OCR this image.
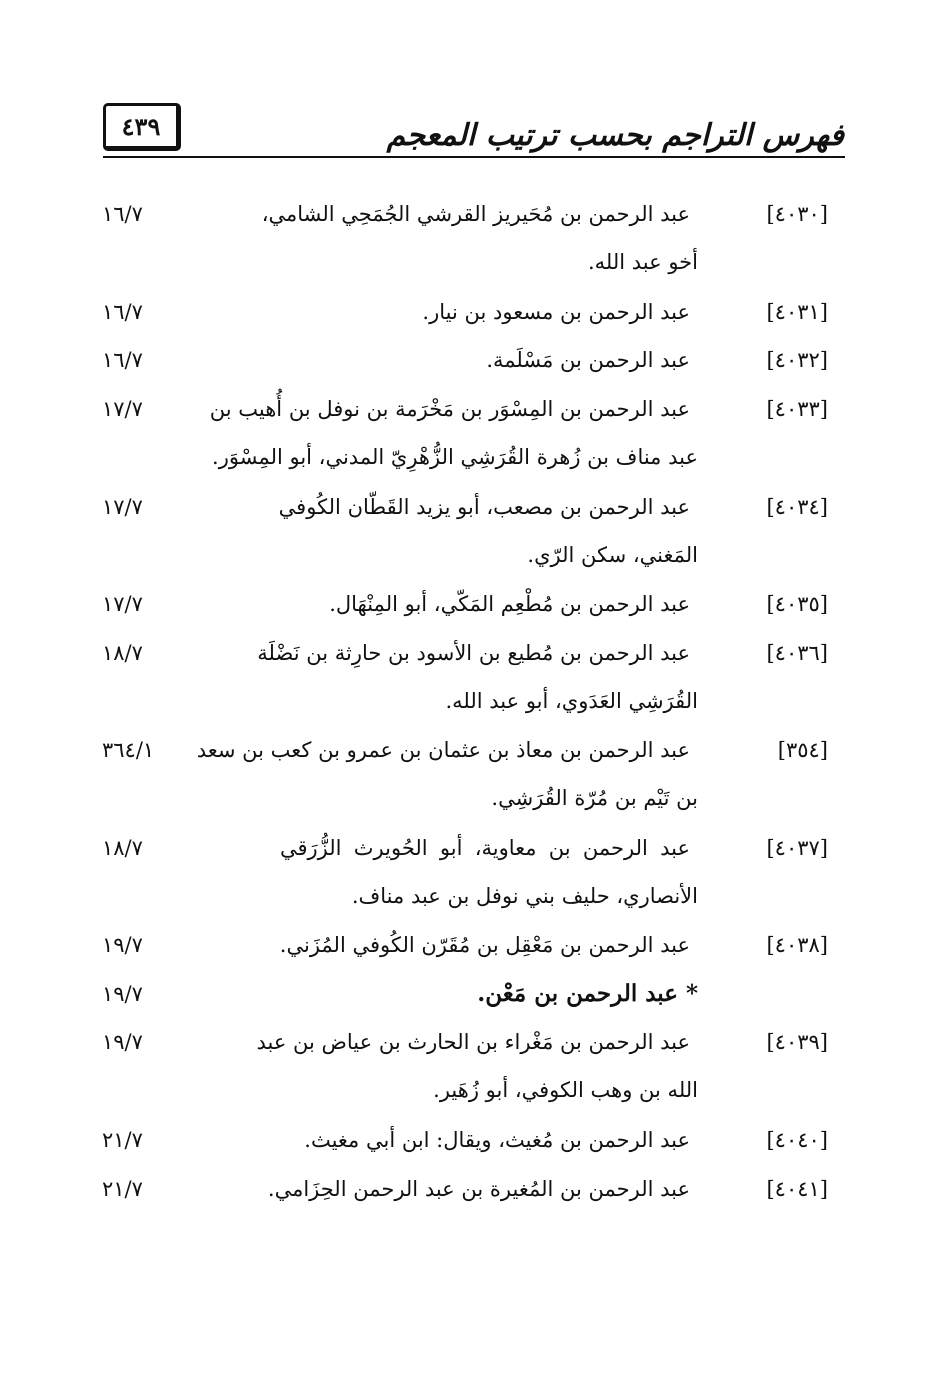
فهرس التراجم بحسب ترتيب المعجم
٤٣٩
[٤٠٣٠]
عبد الرحمن بن مُحَيريز القرشي الجُمَحِي الشامي،
أخو عبد الله.
١٦/٧
[٤٠٣١]
عبد الرحمن بن مسعود بن نيار.
١٦/٧
[٤٠٣٢]
عبد الرحمن بن مَسْلَمة.
١٦/٧
[٤٠٣٣]
عبد الرحمن بن المِسْوَر بن مَخْرَمة بن نوفل بن أُهيب بن
عبد مناف بن زُهرة القُرَشِي الزُّهْرِيّ المدني، أبو المِسْوَر.
١٧/٧
[٤٠٣٤]
عبد الرحمن بن مصعب، أبو يزيد القَطّان الكُوفي
المَغني، سكن الرّي.
١٧/٧
[٤٠٣٥]
عبد الرحمن بن مُطْعِم المَكّي، أبو المِنْهَال.
١٧/٧
[٤٠٣٦]
عبد الرحمن بن مُطيع بن الأسود بن حارِثة بن نَضْلَة
القُرَشِي العَدَوي، أبو عبد الله.
١٨/٧
[٣٥٤]
عبد الرحمن بن معاذ بن عثمان بن عمرو بن كعب بن سعد
بن تَيْم بن مُرّة القُرَشِي.
٣٦٤/١
[٤٠٣٧]
عبد الرحمن بن معاوية، أبو الحُويرث الزُّرَقي
الأنصاري، حليف بني نوفل بن عبد مناف.
١٨/٧
[٤٠٣٨]
عبد الرحمن بن مَعْقِل بن مُقَرّن الكُوفي المُزَني.
١٩/٧
* عبد الرحمن بن مَعْن.
١٩/٧
[٤٠٣٩]
عبد الرحمن بن مَغْراء بن الحارث بن عياض بن عبد
الله بن وهب الكوفي، أبو زُهَير.
١٩/٧
[٤٠٤٠]
عبد الرحمن بن مُغيث، ويقال: ابن أبي مغيث.
٢١/٧
[٤٠٤١]
عبد الرحمن بن المُغيرة بن عبد الرحمن الحِزَامي.
٢١/٧
